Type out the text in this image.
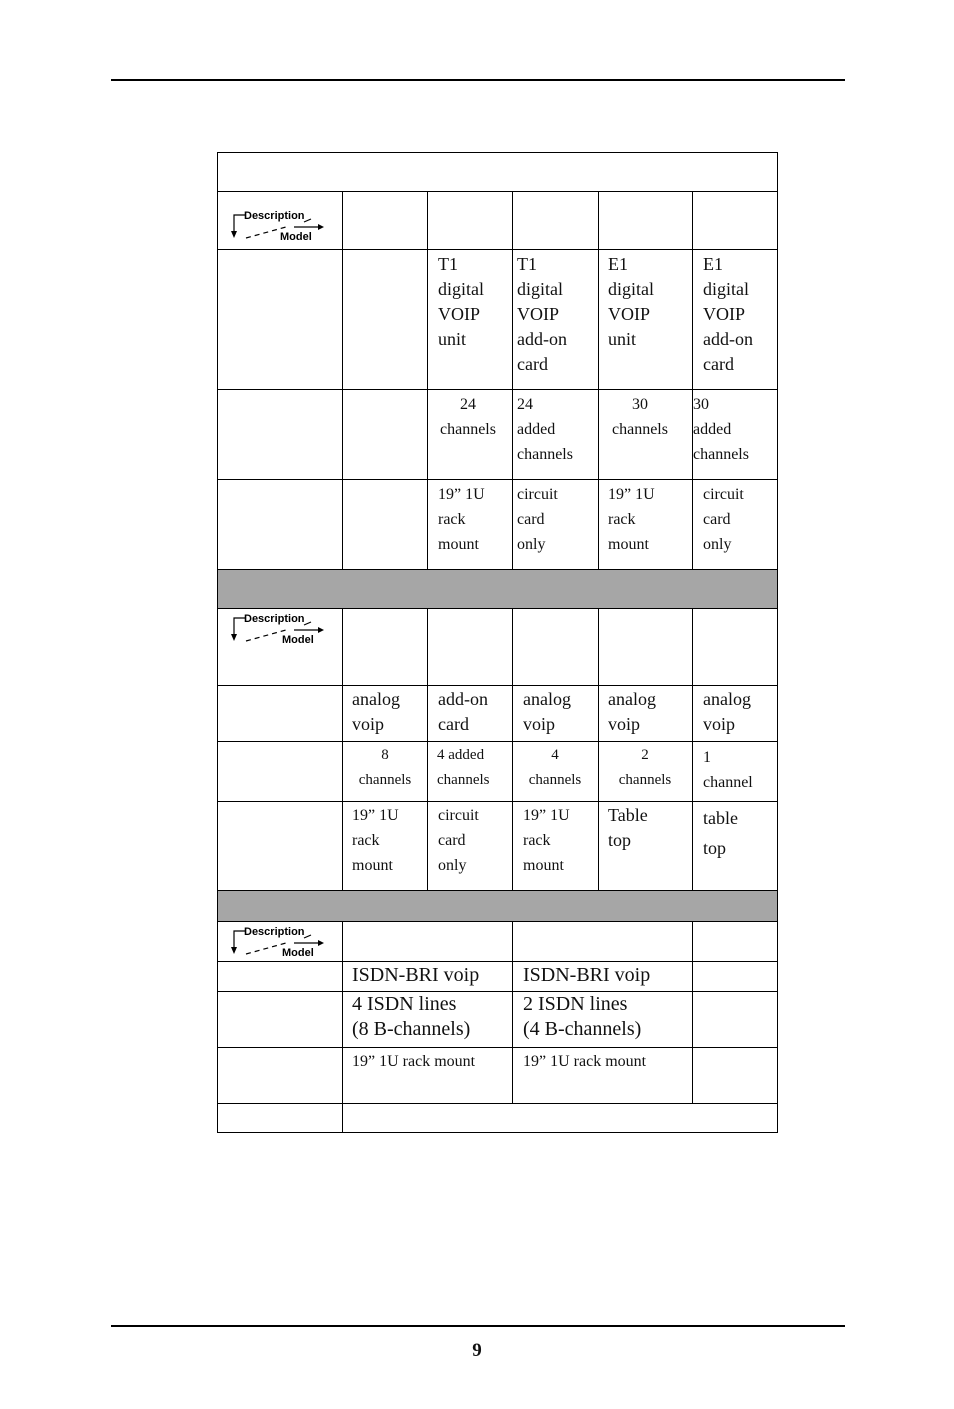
Description
Model
Description
Model
Description
Model
T1
digital
VOIP
unit
T1
digital
VOIP
add-on
card
E1
digital
VOIP
unit
E1
digital
VOIP
add-on
card
24
channels
24
added
channels
30
channels
30
added
channels
19” 1U
rack
mount
circuit
card
only
19” 1U
rack
mount
circuit
card
only
analog
voip
add-on
card
analog
voip
analog
voip
analog
voip
8
channels
4 added
channels
4
channels
2
channels
1
channel
19” 1U
rack
mount
circuit
card
only
19” 1U
rack
mount
Table
top
table
top
ISDN-BRI voip ISDN-BRI voip
4 ISDN lines
(8 B-channels)
2 ISDN lines
(4 B-channels)
19” 1U rack mount	19” 1U rack mount
9
